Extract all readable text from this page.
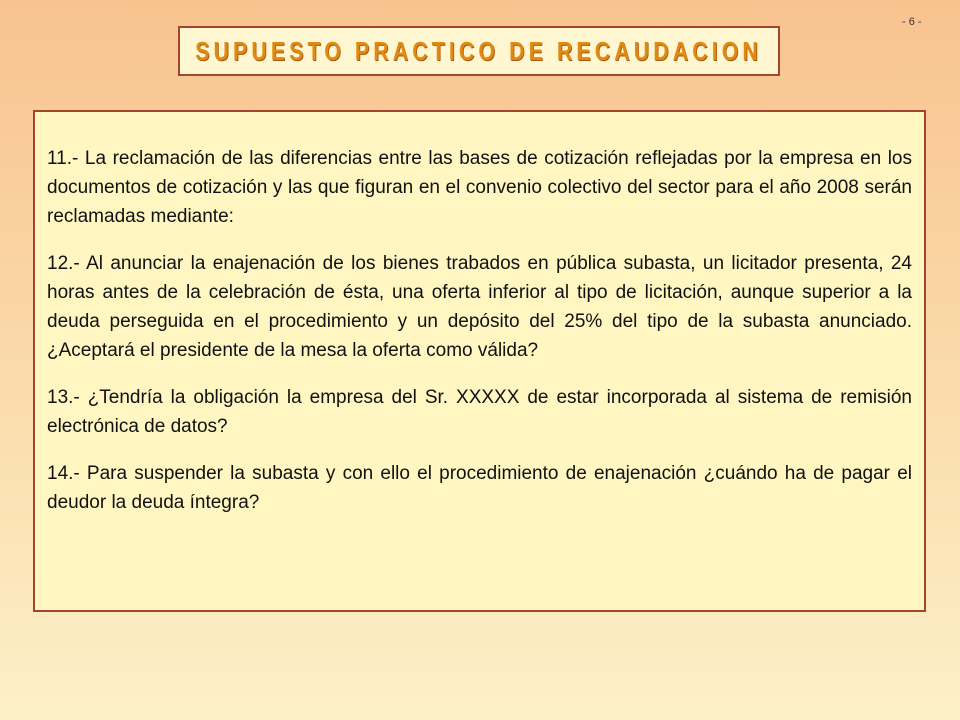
- 6 -
SUPUESTO PRACTICO DE RECAUDACION

11.- La reclamación de las diferencias entre las bases de cotización reflejadas por la empresa en los documentos de cotización y las que figuran en el convenio colectivo del sector para el año 2008 serán reclamadas mediante:

12.- Al anunciar la enajenación de los bienes trabados en pública subasta, un licitador presenta, 24 horas antes de la celebración de ésta, una oferta inferior al tipo de licitación, aunque superior a la deuda perseguida en el procedimiento y un depósito del 25% del tipo de la subasta anunciado. ¿Aceptará el presidente de la mesa la oferta como válida?

13.- ¿Tendría la obligación la empresa del Sr. XXXXX de estar incorporada al sistema de remisión electrónica de datos?

14.- Para suspender la subasta y con ello el procedimiento de enajenación ¿cuándo ha de pagar el deudor la deuda íntegra?
